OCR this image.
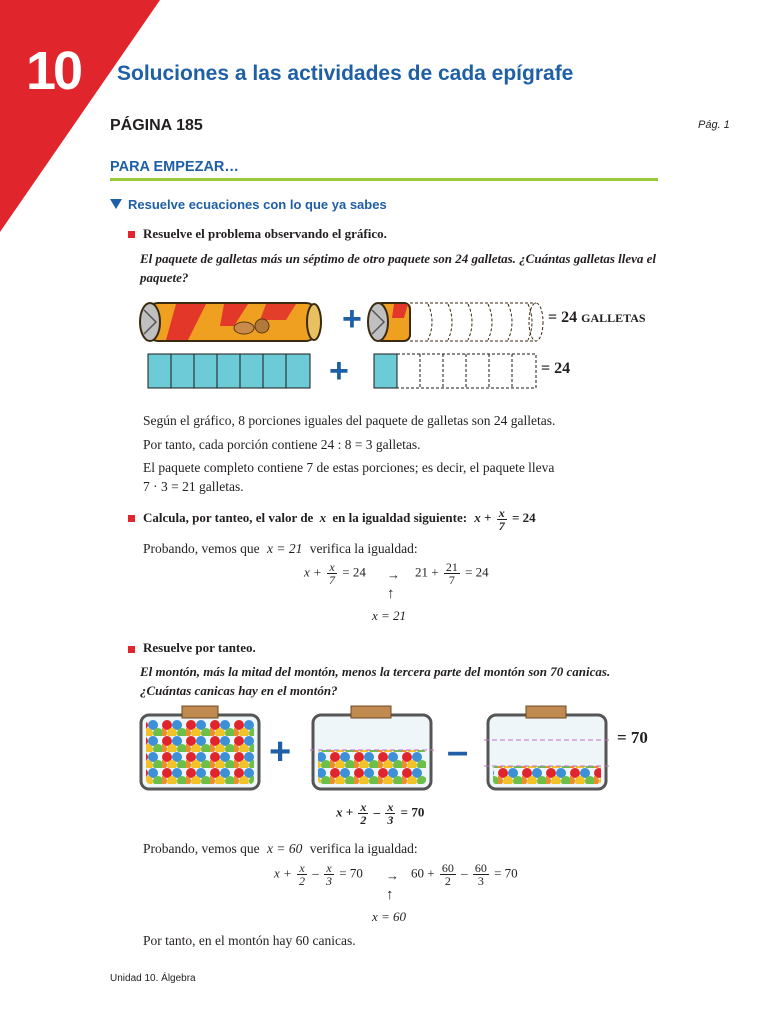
10 Soluciones a las actividades de cada epígrafe
PÁGINA 185	Pág. 1
PARA EMPEZAR…
Resuelve ecuaciones con lo que ya sabes
Resuelve el problema observando el gráfico.
El paquete de galletas más un séptimo de otro paquete son 24 galletas. ¿Cuántas galletas lleva el paquete?
+
+
= 24 GALLETAS
= 24
Según el gráfico, 8 porciones iguales del paquete de galletas son 24 galletas.
Por tanto, cada porción contiene 24 : 8 = 3 galletas.
El paquete completo contiene 7 de estas porciones; es decir, el paquete lleva
7 · 3 = 21 galletas.
Calcula, por tanteo, el valor de x en la igualdad siguiente: $x + \frac{x}{7} = 24$
Probando, vemos que x = 21 verifica la igualdad:
$x + \frac{x}{7} = 24 \to 21 + \frac{21}{7} = 24$
↑
x = 21
Resuelve por tanteo.
El montón, más la mitad del montón, menos la tercera parte del montón son 70 canicas. ¿Cuántas canicas hay en el montón?
+	–	= 70
$x + \frac{x}{2} - \frac{x}{3} = 70$
Probando, vemos que x = 60 verifica la igualdad:
$x + \frac{x}{2} - \frac{x}{3} = 70 \to 60 + \frac{60}{2} - \frac{60}{3} = 70$
↑
x = 60
Por tanto, en el montón hay 60 canicas.
Unidad 10. Álgebra
